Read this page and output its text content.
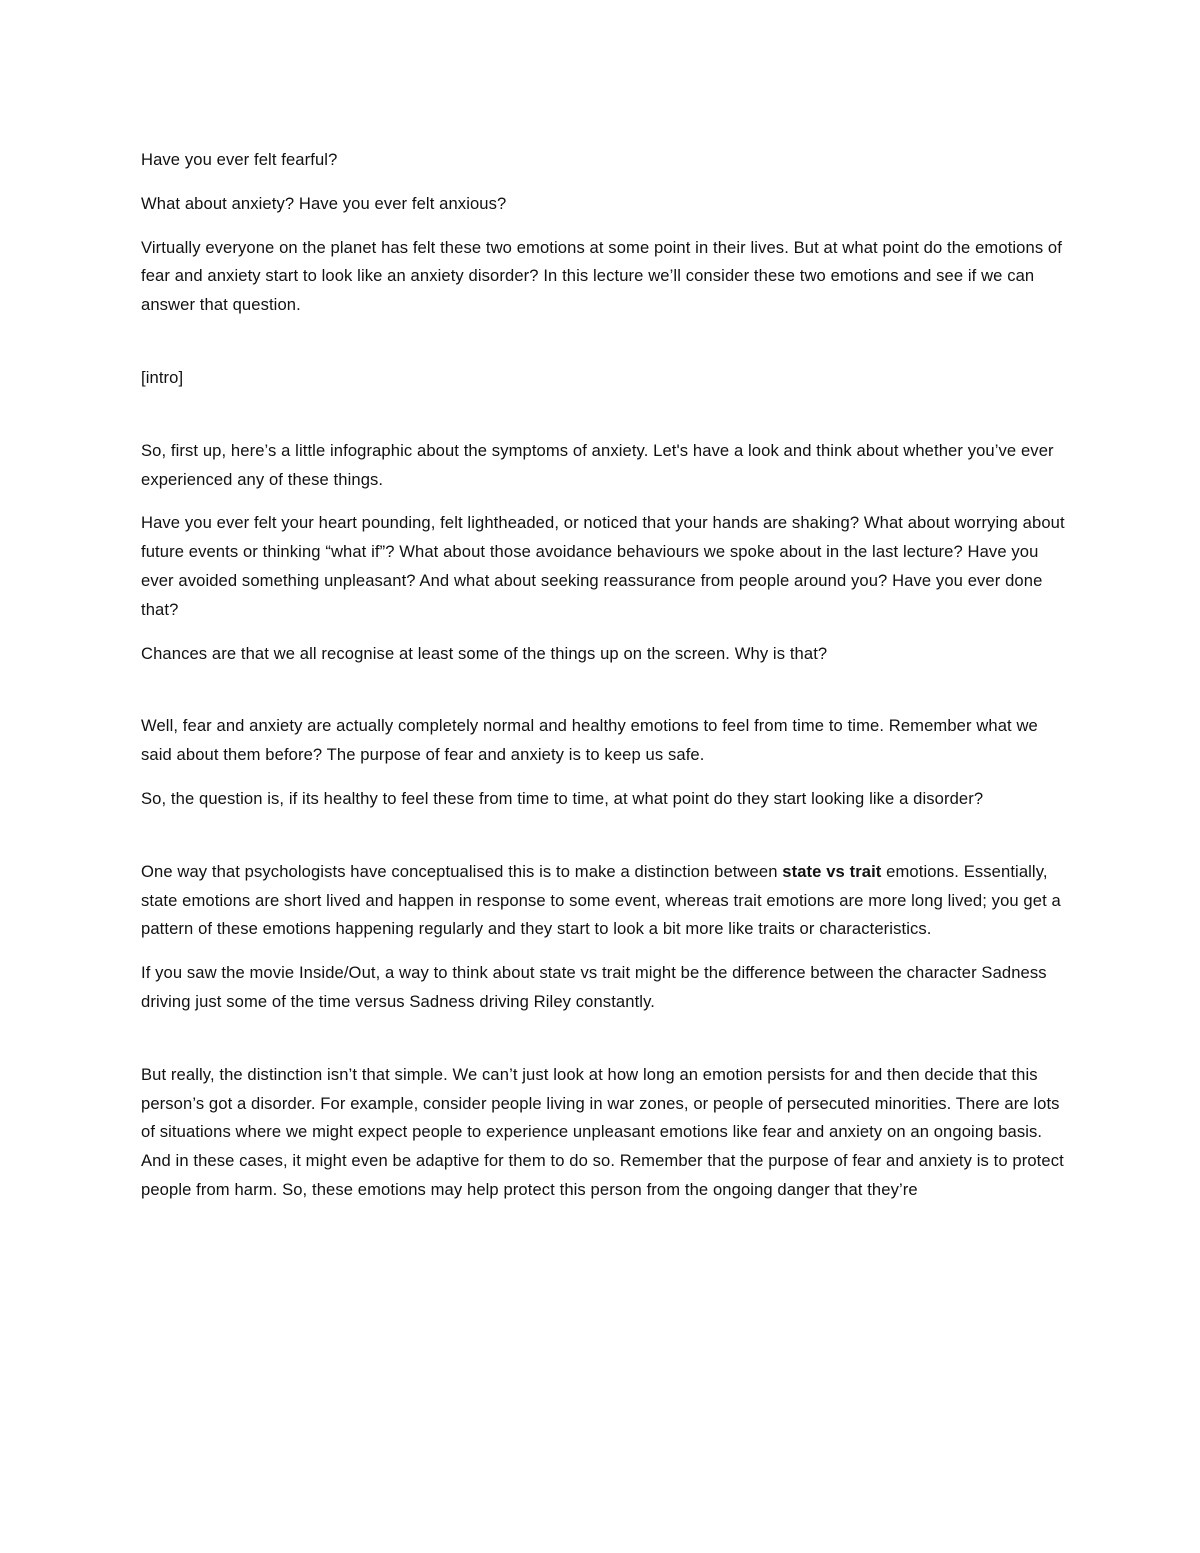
Have you ever felt fearful?

What about anxiety? Have you ever felt anxious?

Virtually everyone on the planet has felt these two emotions at some point in their lives. But at what point do the emotions of fear and anxiety start to look like an anxiety disorder? In this lecture we’ll consider these two emotions and see if we can answer that question.

[intro]

So, first up, here’s a little infographic about the symptoms of anxiety. Let's have a look and think about whether you’ve ever experienced any of these things.

Have you ever felt your heart pounding, felt lightheaded, or noticed that your hands are shaking? What about worrying about future events or thinking “what if”? What about those avoidance behaviours we spoke about in the last lecture? Have you ever avoided something unpleasant? And what about seeking reassurance from people around you? Have you ever done that?

Chances are that we all recognise at least some of the things up on the screen. Why is that?

Well, fear and anxiety are actually completely normal and healthy emotions to feel from time to time. Remember what we said about them before? The purpose of fear and anxiety is to keep us safe.

So, the question is, if its healthy to feel these from time to time, at what point do they start looking like a disorder?

One way that psychologists have conceptualised this is to make a distinction between state vs trait emotions. Essentially, state emotions are short lived and happen in response to some event, whereas trait emotions are more long lived; you get a pattern of these emotions happening regularly and they start to look a bit more like traits or characteristics.

If you saw the movie Inside/Out, a way to think about state vs trait might be the difference between the character Sadness driving just some of the time versus Sadness driving Riley constantly.

But really, the distinction isn’t that simple. We can’t just look at how long an emotion persists for and then decide that this person’s got a disorder. For example, consider people living in war zones, or people of persecuted minorities. There are lots of situations where we might expect people to experience unpleasant emotions like fear and anxiety on an ongoing basis. And in these cases, it might even be adaptive for them to do so. Remember that the purpose of fear and anxiety is to protect people from harm. So, these emotions may help protect this person from the ongoing danger that they’re
